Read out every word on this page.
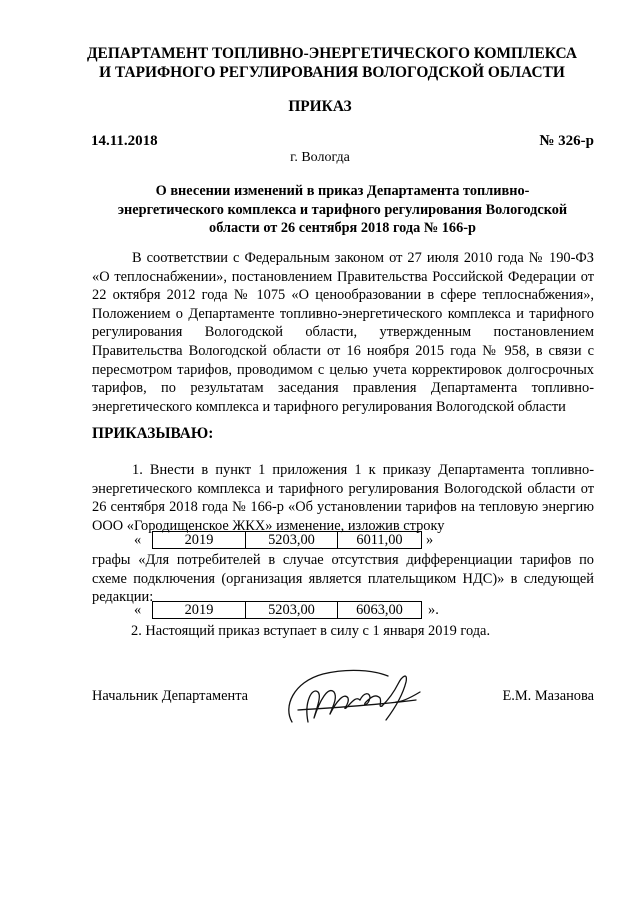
ДЕПАРТАМЕНТ ТОПЛИВНО-ЭНЕРГЕТИЧЕСКОГО КОМПЛЕКСА
И ТАРИФНОГО РЕГУЛИРОВАНИЯ ВОЛОГОДСКОЙ ОБЛАСТИ
ПРИКАЗ
14.11.2018	№ 326-р
г. Вологда
О внесении изменений в приказ Департамента топливно-
энергетического комплекса и тарифного регулирования Вологодской
области от 26 сентября 2018 года № 166-р
В соответствии с Федеральным законом от 27 июля 2010 года № 190-ФЗ «О теплоснабжении», постановлением Правительства Российской Федерации от 22 октября 2012 года № 1075 «О ценообразовании в сфере теплоснабжения», Положением о Департаменте топливно-энергетического комплекса и тарифного регулирования Вологодской области, утвержденным постановлением Правительства Вологодской области от 16 ноября 2015 года № 958, в связи с пересмотром тарифов, проводимом с целью учета корректировок долгосрочных тарифов, по результатам заседания правления Департамента топливно-энергетического комплекса и тарифного регулирования Вологодской области
ПРИКАЗЫВАЮ:
1. Внести в пункт 1 приложения 1 к приказу Департамента топливно-энергетического комплекса и тарифного регулирования Вологодской области от 26 сентября 2018 года № 166-р «Об установлении тарифов на тепловую энергию ООО «Городищенское ЖКХ» изменение, изложив строку
«	2019	5203,00	6011,00 »
графы «Для потребителей в случае отсутствия дифференциации тарифов по схеме подключения (организация является плательщиком НДС)» в следующей редакции:
«	2019	5203,00	6063,00 ».
2. Настоящий приказ вступает в силу с 1 января 2019 года.
Начальник Департамента	Е.М. Мазанова
